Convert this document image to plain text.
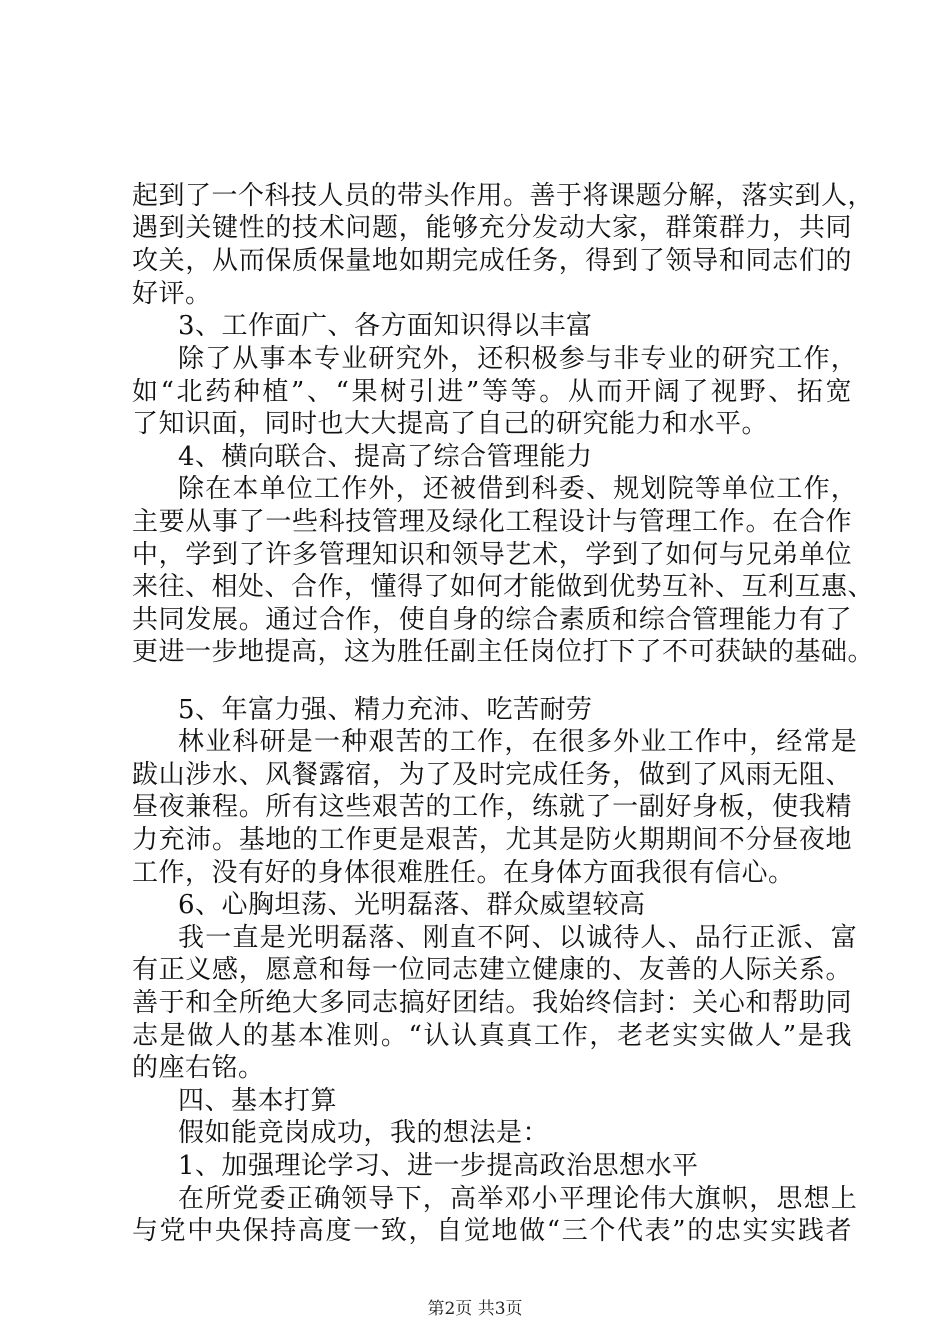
起到了一个科技人员的带头作用。善于将课题分解，落实到人，
遇到关键性的技术问题，能够充分发动大家，群策群力，共同
攻关，从而保质保量地如期完成任务，得到了领导和同志们的
好评。
3、工作面广、各方面知识得以丰富
除了从事本专业研究外，还积极参与非专业的研究工作，
如“北药种植”、“果树引进”等等。从而开阔了视野、拓宽
了知识面，同时也大大提高了自己的研究能力和水平。
4、横向联合、提高了综合管理能力
除在本单位工作外，还被借到科委、规划院等单位工作，
主要从事了一些科技管理及绿化工程设计与管理工作。在合作
中，学到了许多管理知识和领导艺术，学到了如何与兄弟单位
来往、相处、合作，懂得了如何才能做到优势互补、互利互惠、
共同发展。通过合作，使自身的综合素质和综合管理能力有了
更进一步地提高，这为胜任副主任岗位打下了不可获缺的基础。
5、年富力强、精力充沛、吃苦耐劳
林业科研是一种艰苦的工作，在很多外业工作中，经常是
跋山涉水、风餐露宿，为了及时完成任务，做到了风雨无阻、
昼夜兼程。所有这些艰苦的工作，练就了一副好身板，使我精
力充沛。基地的工作更是艰苦，尤其是防火期期间不分昼夜地
工作，没有好的身体很难胜任。在身体方面我很有信心。
6、心胸坦荡、光明磊落、群众威望较高
我一直是光明磊落、刚直不阿、以诚待人、品行正派、富
有正义感，愿意和每一位同志建立健康的、友善的人际关系。
善于和全所绝大多同志搞好团结。我始终信封：关心和帮助同
志是做人的基本准则。“认认真真工作，老老实实做人”是我
的座右铭。
四、基本打算
假如能竞岗成功，我的想法是：
1、加强理论学习、进一步提高政治思想水平
在所党委正确领导下，高举邓小平理论伟大旗帜，思想上
与党中央保持高度一致，自觉地做“三个代表”的忠实实践者
第2页 共3页
